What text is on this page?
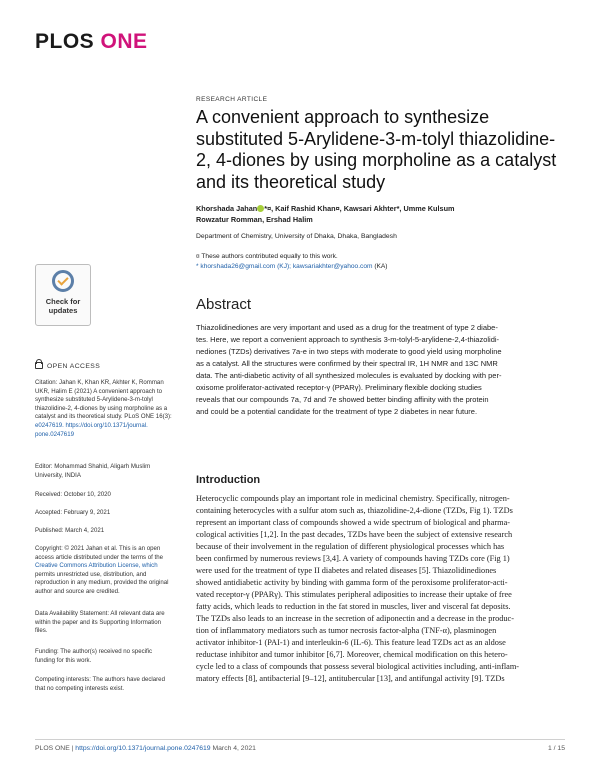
PLOS ONE
RESEARCH ARTICLE

A convenient approach to synthesize

substituted 5-Arylidene-3-m-tolyl thiazolidine-

2, 4-diones by using morpholine as a catalyst

and its theoretical study

Khorshada Jahan *¤, Kaif Rashid Khan¤, Kawsari Akhter*, Umme Kulsum

Rowzatur Romman, Ershad Halim

Department of Chemistry, University of Dhaka, Dhaka, Bangladesh
¤ These authors contributed equally to this work.
* khorshada26@gmail.com (KJ); kawsariakhter@yahoo.com (KA)
Check for
updates
OPEN ACCESS

Citation: Jahan K, Khan KR, Akhter K, Romman

UKR, Halim E (2021) A convenient approach to

synthesize substituted 5-Arylidene-3-m-tolyl

thiazolidine-2, 4-diones by using morpholine as a

catalyst and its theoretical study. PLoS ONE 16(3):

e0247619. https://doi.org/10.1371/journal.

pone.0247619

Editor: Mohammad Shahid, Aligarh Muslim

University, INDIA

Received: October 10, 2020
Accepted: February 9, 2021
Published: March 4, 2021

Copyright: © 2021 Jahan et al. This is an open

access article distributed under the terms of the

Creative Commons Attribution License, which

permits unrestricted use, distribution, and

reproduction in any medium, provided the original

author and source are credited.

Data Availability Statement: All relevant data are

within the paper and its Supporting Information

files.

Funding: The author(s) received no specific

funding for this work.

Competing interests: The authors have declared

that no competing interests exist.

Abstract

Thiazolidinediones are very important and used as a drug for the treatment of type 2 diabe-

tes. Here, we report a convenient approach to synthesis 3-m-tolyl-5-arylidene-2,4-thiazolidi-

nediones (TZDs) derivatives 7a-e in two steps with moderate to good yield using morpholine

as a catalyst. All the structures were confirmed by their spectral IR, 1H NMR and 13C NMR

data. The anti-diabetic activity of all synthesized molecules is evaluated by docking with per-

oxisome proliferator-activated receptor-γ (PPARγ). Preliminary flexible docking studies

reveals that our compounds 7a, 7d and 7e showed better binding affinity with the protein

and could be a potential candidate for the treatment of type 2 diabetes in near future.

Introduction

Heterocyclic compounds play an important role in medicinal chemistry. Specifically, nitrogen-

containing heterocycles with a sulfur atom such as, thiazolidine-2,4-dione (TZDs, Fig 1). TZDs

represent an important class of compounds showed a wide spectrum of biological and pharma-

cological activities [1,2]. In the past decades, TZDs have been the subject of extensive research

because of their involvement in the regulation of different physiological processes which has

been confirmed by numerous reviews [3,4]. A variety of compounds having TZDs core (Fig 1)

were used for the treatment of type II diabetes and related diseases [5]. Thiazolidinediones

showed antidiabetic activity by binding with gamma form of the peroxisome proliferator-acti-

vated receptor-γ (PPARγ). This stimulates peripheral adiposities to increase their uptake of free

fatty acids, which leads to reduction in the fat stored in muscles, liver and visceral fat deposits.

The TZDs also leads to an increase in the secretion of adiponectin and a decrease in the produc-

tion of inflammatory mediators such as tumor necrosis factor-alpha (TNF-α), plasminogen

activator inhibitor-1 (PAI-1) and interleukin-6 (IL-6). This feature lead TZDs act as an aldose

reductase inhibitor and tumor inhibitor [6,7]. Moreover, chemical modification on this hetero-

cycle led to a class of compounds that possess several biological activities including, anti-inflam-

matory effects [8], antibacterial [9–12], antitubercular [13], and antifungal activity [9]. TZDs

PLOS ONE | https://doi.org/10.1371/journal.pone.0247619 March 4, 2021	1 / 15
